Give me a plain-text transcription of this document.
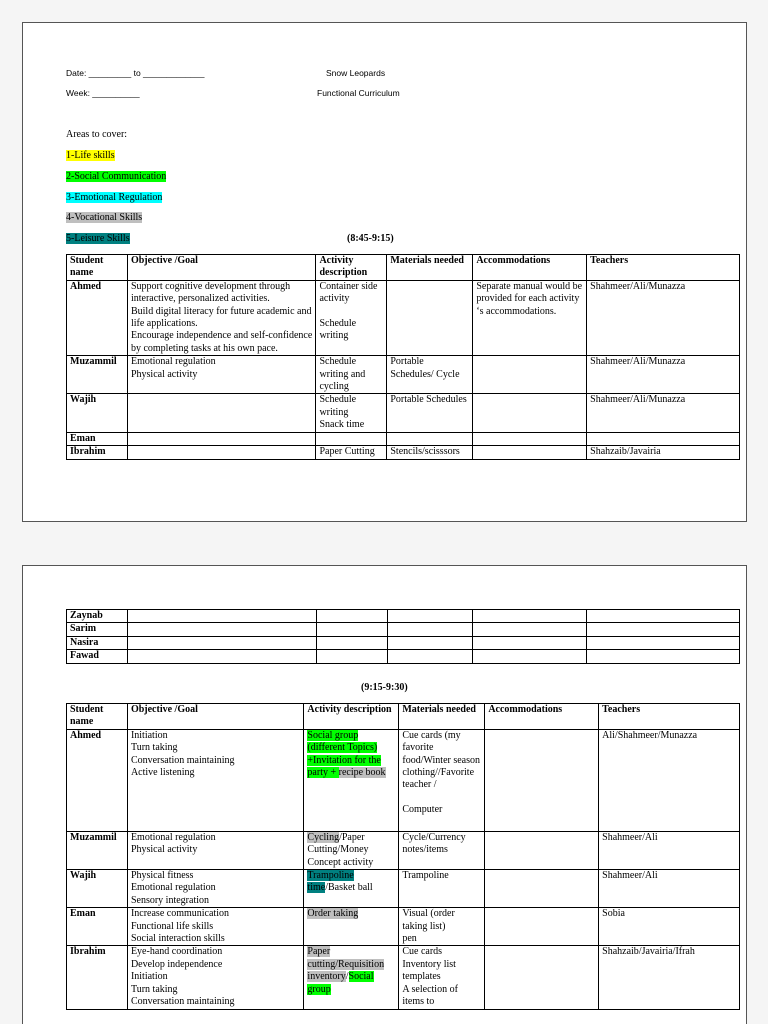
Date: _________ to _____________
Week: __________
Snow Leopards
Functional Curriculum
Areas to cover:
1-Life skills
2-Social Communication
3-Emotional Regulation
4-Vocational Skills
5-Leisure Skills	(8:45-9:15)
Student name	Objective /Goal	Activity description	Materials needed	Accommodations	Teachers
Ahmed	Support cognitive development through interactive, personalized activities.
Build digital literacy for future academic and life applications.
Encourage independence and self-confidence by completing tasks at his own pace.	Container side activity

Schedule writing		Separate manual would be provided for each activity ‘s accommodations.	Shahmeer/Ali/Munazza
Muzammil	Emotional regulation
Physical activity	Schedule writing and cycling	Portable Schedules/ Cycle		Shahmeer/Ali/Munazza
Wajih		Schedule writing
Snack time	Portable Schedules		Shahmeer/Ali/Munazza
Eman					
Ibrahim		Paper Cutting	Stencils/scisssors		Shahzaib/Javairia
Zaynab					
Sarim					
Nasira					
Fawad					
(9:15-9:30)
Student name	Objective /Goal	Activity description	Materials needed	Accommodations	Teachers
Ahmed	Initiation
Turn taking
Conversation maintaining
Active listening	Social group (different Topics) +Invitation for the party + recipe book	Cue cards (my favorite food/Winter season clothing//Favorite teacher /

Computer		Ali/Shahmeer/Munazza
Muzammil	Emotional regulation
Physical activity	Cycling/Paper Cutting/Money Concept activity	Cycle/Currency notes/items		Shahmeer/Ali
Wajih	Physical fitness
Emotional regulation
Sensory integration	Trampoline time/Basket ball	Trampoline		Shahmeer/Ali
Eman	Increase communication
Functional life skills
Social interaction skills	Order taking	Visual (order taking list)
pen		Sobia
Ibrahim	Eye-hand coordination
Develop independence
Initiation
Turn taking
Conversation maintaining	Paper cutting/Requisition inventory/Social group	Cue cards
Inventory list templates
A selection of items to		Shahzaib/Javairia/Ifrah
